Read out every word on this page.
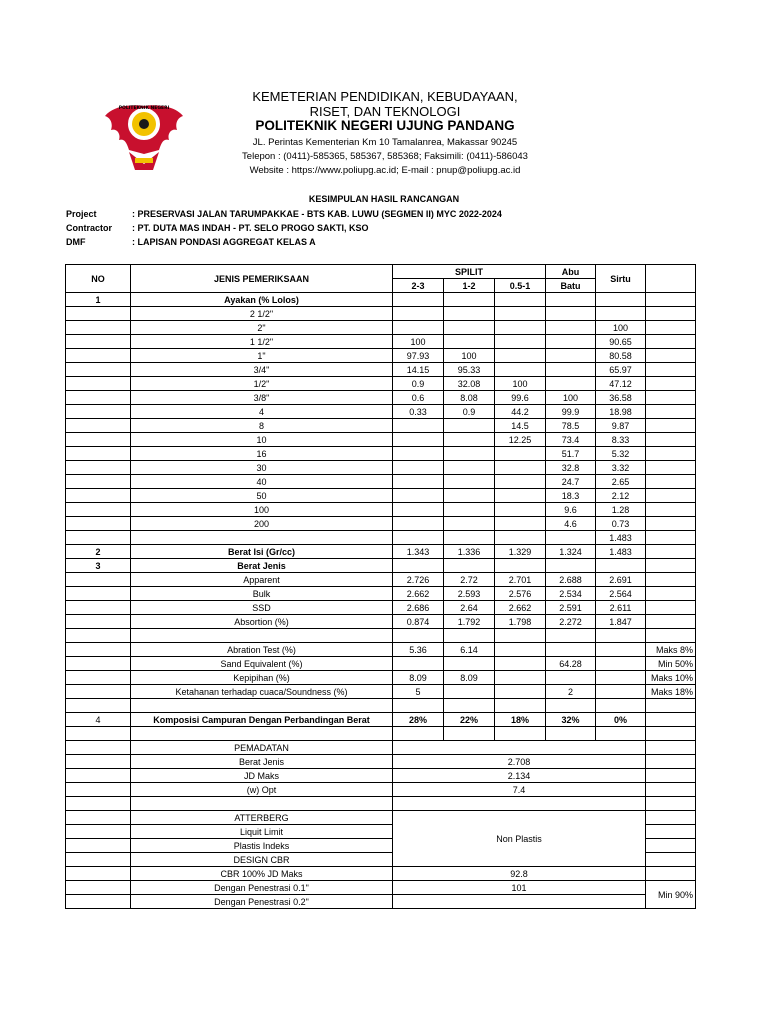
POLITEKNIK NEGERI
KEMETERIAN PENDIDIKAN, KEBUDAYAAN,
RISET, DAN TEKNOLOGI
POLITEKNIK NEGERI UJUNG PANDANG
JL. Perintas Kementerian Km 10 Tamalanrea, Makassar 90245
Telepon : (0411)-585365, 585367, 585368; Faksimili: (0411)-586043
Website : https://www.poliupg.ac.id; E-mail : pnup@poliupg.ac.id
KESIMPULAN HASIL RANCANGAN
Project	: PRESERVASI JALAN TARUMPAKKAE - BTS KAB. LUWU (SEGMEN II) MYC 2022-2024
Contractor : PT. DUTA MAS INDAH - PT. SELO PROGO SAKTI, KSO
DMF	: LAPISAN PONDASI AGGREGAT KELAS A
NO	JENIS PEMERIKSAAN	SPILIT			Abu	Sirtu	
		2-3	1-2	0.5-1	Batu		
1	Ayakan (% Lolos)						
	2 1/2"						
	2"					100	
	1 1/2"	100				90.65	
	1"	97.93	100			80.58	
	3/4"	14.15	95.33			65.97	
	1/2"	0.9	32.08	100		47.12	
	3/8"	0.6	8.08	99.6	100	36.58	
	4	0.33	0.9	44.2	99.9	18.98	
	8			14.5	78.5	9.87	
	10			12.25	73.4	8.33	
	16				51.7	5.32	
	30				32.8	3.32	
	40				24.7	2.65	
	50				18.3	2.12	
	100				9.6	1.28	
	200				4.6	0.73	
						1.483	
2	Berat Isi (Gr/cc)	1.343	1.336	1.329	1.324	1.483	
3	Berat Jenis						
	Apparent	2.726	2.72	2.701	2.688	2.691	
	Bulk	2.662	2.593	2.576	2.534	2.564	
	SSD	2.686	2.64	2.662	2.591	2.611	
	Absortion (%)	0.874	1.792	1.798	2.272	1.847	

	Abration Test (%)	5.36	6.14				Maks 8%
	Sand Equivalent (%)				64.28		Min 50%
	Kepipihan (%)	8.09	8.09				Maks 10%
	Ketahanan terhadap cuaca/Soundness (%)	5			2		Maks 18%

4	Komposisi Campuran Dengan Perbandingan Berat	28%	22%	18%	32%	0%	

	PEMADATAN						
	Berat Jenis	2.708					
	JD Maks	2.134					
	(w) Opt	7.4					

	ATTERBERG	Non Plastis					
	Liquit Limit						
	Plastis Indeks						
	DESIGN CBR						
	CBR 100% JD Maks	92.8					
	Dengan Penestrasi 0.1"	101					Min 90%
	Dengan Penestrasi 0.2"						
